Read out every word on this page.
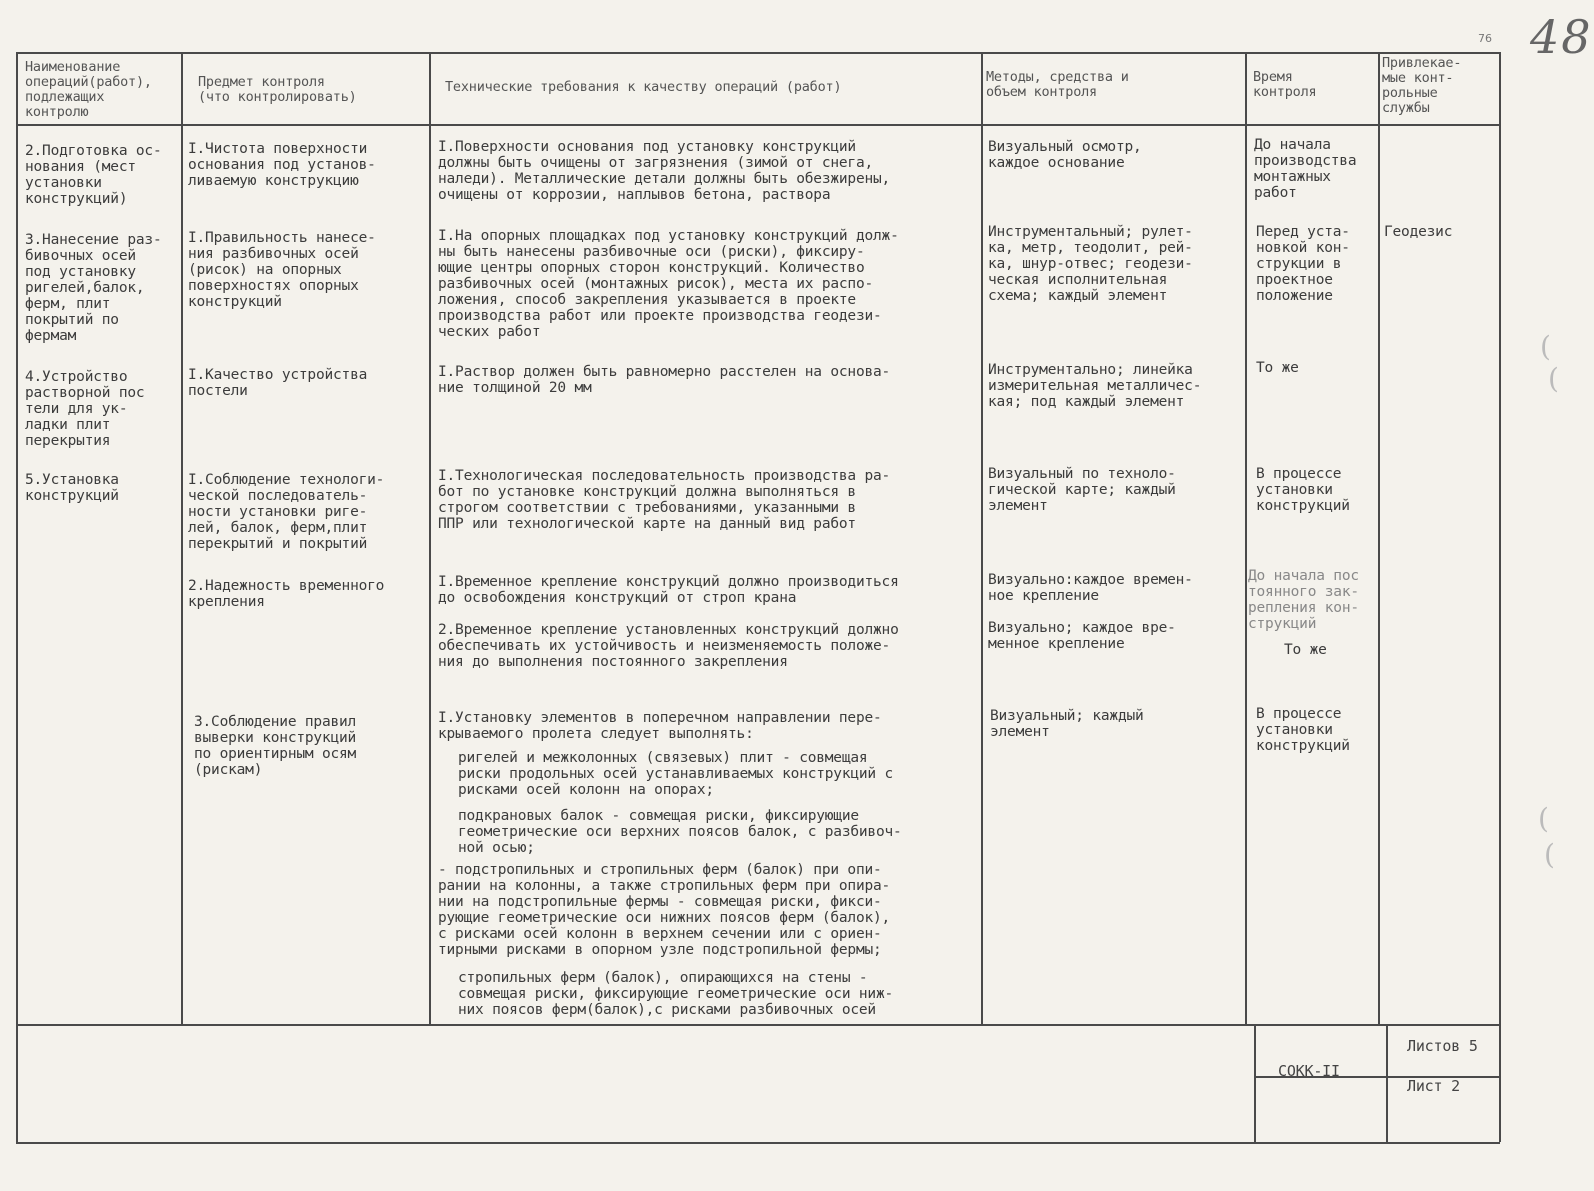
48
76
(
(
(
(
Наименование
операций(работ),
подлежащих
контролю
Предмет контроля
(что контролировать)
Технические требования к качеству операций (работ)
Методы, средства и
объем контроля
Время
контроля
Привлекае-
мые конт-
рольные
службы
2.Подготовка ос-
нования (мест
установки
конструкций)
I.Чистота поверхности
основания под установ-
ливаемую конструкцию
I.Поверхности основания под установку конструкций
должны быть очищены от загрязнения (зимой от снега,
наледи). Металлические детали должны быть обезжирены,
очищены от коррозии, наплывов бетона, раствора
Визуальный осмотр,
каждое основание
До начала
производства
монтажных
работ
3.Нанесение раз-
бивочных осей
под установку
ригелей,балок,
ферм, плит
покрытий по
фермам
I.Правильность нанесе-
ния разбивочных осей
(рисок) на опорных
поверхностях опорных
конструкций
I.На опорных площадках под установку конструкций долж-
ны быть нанесены разбивочные оси (риски), фиксиру-
ющие центры опорных сторон конструкций. Количество
разбивочных осей (монтажных рисок), места их распо-
ложения, способ закрепления указывается в проекте
производства работ или проекте производства геодези-
ческих работ
Инструментальный; рулет-
ка, метр, теодолит, рей-
ка, шнур-отвес; геодези-
ческая исполнительная
схема; каждый элемент
Перед уста-
новкой кон-
струкции в
проектное
положение
Геодезис
4.Устройство
растворной пос
тели для ук-
ладки плит
перекрытия
I.Качество устройства
постели
I.Раствор должен быть равномерно расстелен на основа-
ние толщиной 20 мм
Инструментально; линейка
измерительная металличес-
кая; под каждый элемент
То же
5.Установка
конструкций
I.Соблюдение технологи-
ческой последователь-
ности установки риге-
лей, балок, ферм,плит
перекрытий и покрытий
I.Технологическая последовательность производства ра-
бот по установке конструкций должна выполняться в
строгом соответствии с требованиями, указанными в
ППР или технологической карте на данный вид работ
Визуальный по техноло-
гической карте; каждый
элемент
В процессе
установки
конструкций
2.Надежность временного
крепления
I.Временное крепление конструкций должно производиться
до освобождения конструкций от строп крана
Визуально:каждое времен-
ное крепление
До начала пос
тоянного зак-
репления кон-
струкций
2.Временное крепление установленных конструкций должно
обеспечивать их устойчивость и неизменяемость положе-
ния до выполнения постоянного закрепления
Визуально; каждое вре-
менное крепление	То же
3.Соблюдение правил
выверки конструкций
по ориентирным осям
(рискам)
I.Установку элементов в поперечном направлении пере-
крываемого пролета следует выполнять:
ригелей и межколонных (связевых) плит - совмещая
риски продольных осей устанавливаемых конструкций с
рисками осей колонн на опорах;
подкрановых балок - совмещая риски, фиксирующие
геометрические оси верхних поясов балок, с разбивоч-
ной осью;
- подстропильных и стропильных ферм (балок) при опи-
рании на колонны, а также стропильных ферм при опира-
нии на подстропильные фермы - совмещая риски, фикси-
рующие геометрические оси нижних поясов ферм (балок),
с рисками осей колонн в верхнем сечении или с ориен-
тирными рисками в опорном узле подстропильной фермы;
стропильных ферм (балок), опирающихся на стены -
совмещая риски, фиксирующие геометрические оси ниж-
них поясов ферм(балок),с рисками разбивочных осей
Визуальный; каждый
элемент
В процессе
установки
конструкций
СОКК-II
Листов 5
Лист 2
